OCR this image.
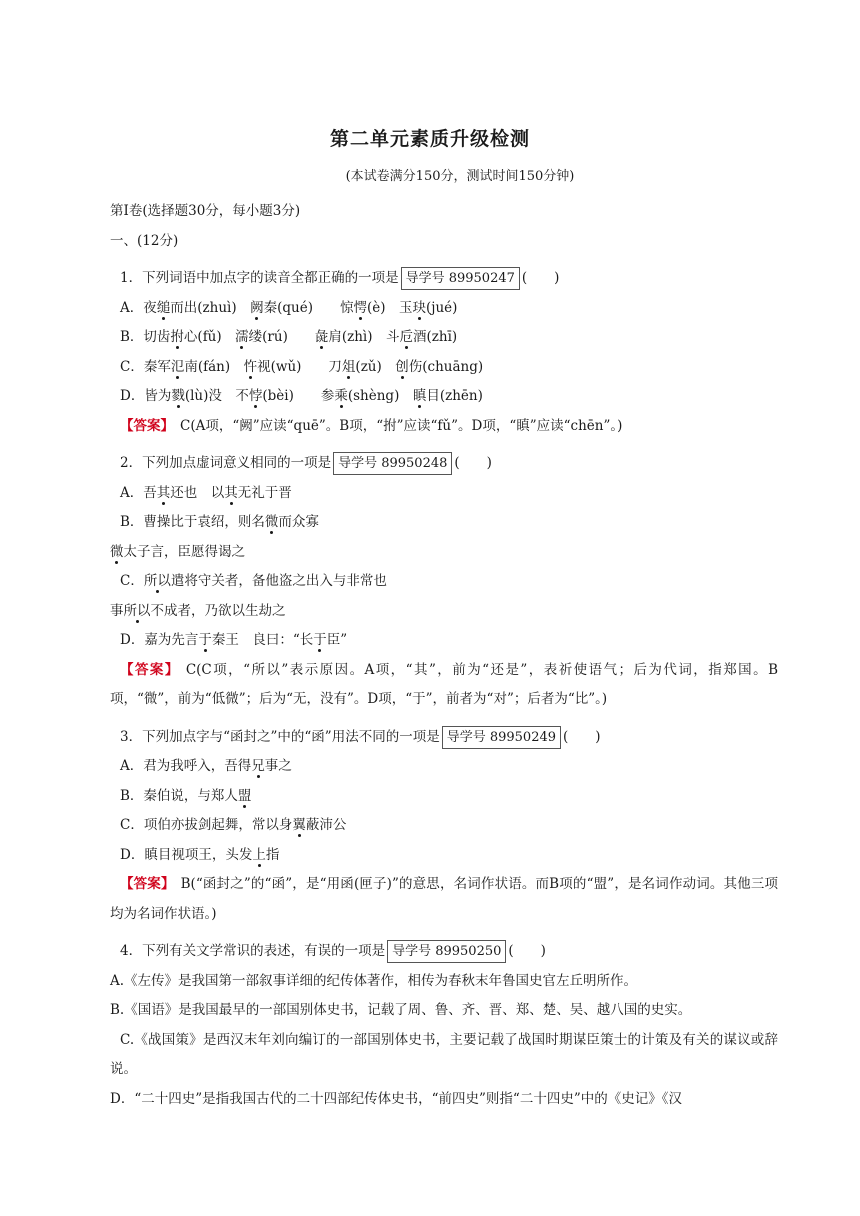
第二单元素质升级检测
(本试卷满分150分，测试时间150分钟)
第Ⅰ卷(选择题30分，每小题3分)
一、(12分)
1．下列词语中加点字的读音全都正确的一项是 导学号 89950247 (　　)
A．夜缒而出(zhuì)　阙秦(qué)　　惊愕(è)　玉玦(jué)
B．切齿拊心(fǔ)　濡缕(rú)　　彘肩(zhì)　斗卮酒(zhī)
C．秦军氾南(fán)　忤视(wǔ)　　刀俎(zǔ)　创伤(chuāng)
D．皆为戮(lù)没　不悖(bèi)　　参乘(shèng)　瞋目(zhēn)
【答案】 C(A项，“阙”应读“quē”。B项，“拊”应读“fǔ”。D项，“瞋”应读“chēn”。)
2．下列加点虚词意义相同的一项是 导学号 89950248 (　　)
A．吾其还也　以其无礼于晋
B．曹操比于袁绍，则名微而众寡
微太子言，臣愿得谒之
C．所以遣将守关者，备他盗之出入与非常也
事所以不成者，乃欲以生劫之
D．嘉为先言于秦王　良曰：“长于臣”
【答案】 C(C项，“所以”表示原因。A项，“其”，前为“还是”，表祈使语气；后为代词，指郑国。B项，“微”，前为“低微”；后为“无，没有”。D项，“于”，前者为“对”；后者为“比”。)
3．下列加点字与“函封之”中的“函”用法不同的一项是 导学号 89950249 (　　)
A．君为我呼入，吾得兄事之
B．秦伯说，与郑人盟
C．项伯亦拔剑起舞，常以身翼蔽沛公
D．瞋目视项王，头发上指
【答案】 B(“函封之”的“函”，是“用函(匣子)”的意思，名词作状语。而B项的“盟”，是名词作动词。其他三项均为名词作状语。)
4．下列有关文学常识的表述，有误的一项是 导学号 89950250 (　　)
A.《左传》是我国第一部叙事详细的纪传体著作，相传为春秋末年鲁国史官左丘明所作。
B.《国语》是我国最早的一部国别体史书，记载了周、鲁、齐、晋、郑、楚、吴、越八国的史实。
C.《战国策》是西汉末年刘向编订的一部国别体史书，主要记载了战国时期谋臣策士的计策及有关的谋议或辞说。
D．“二十四史”是指我国古代的二十四部纪传体史书，“前四史”则指“二十四史”中的《史记》《汉
